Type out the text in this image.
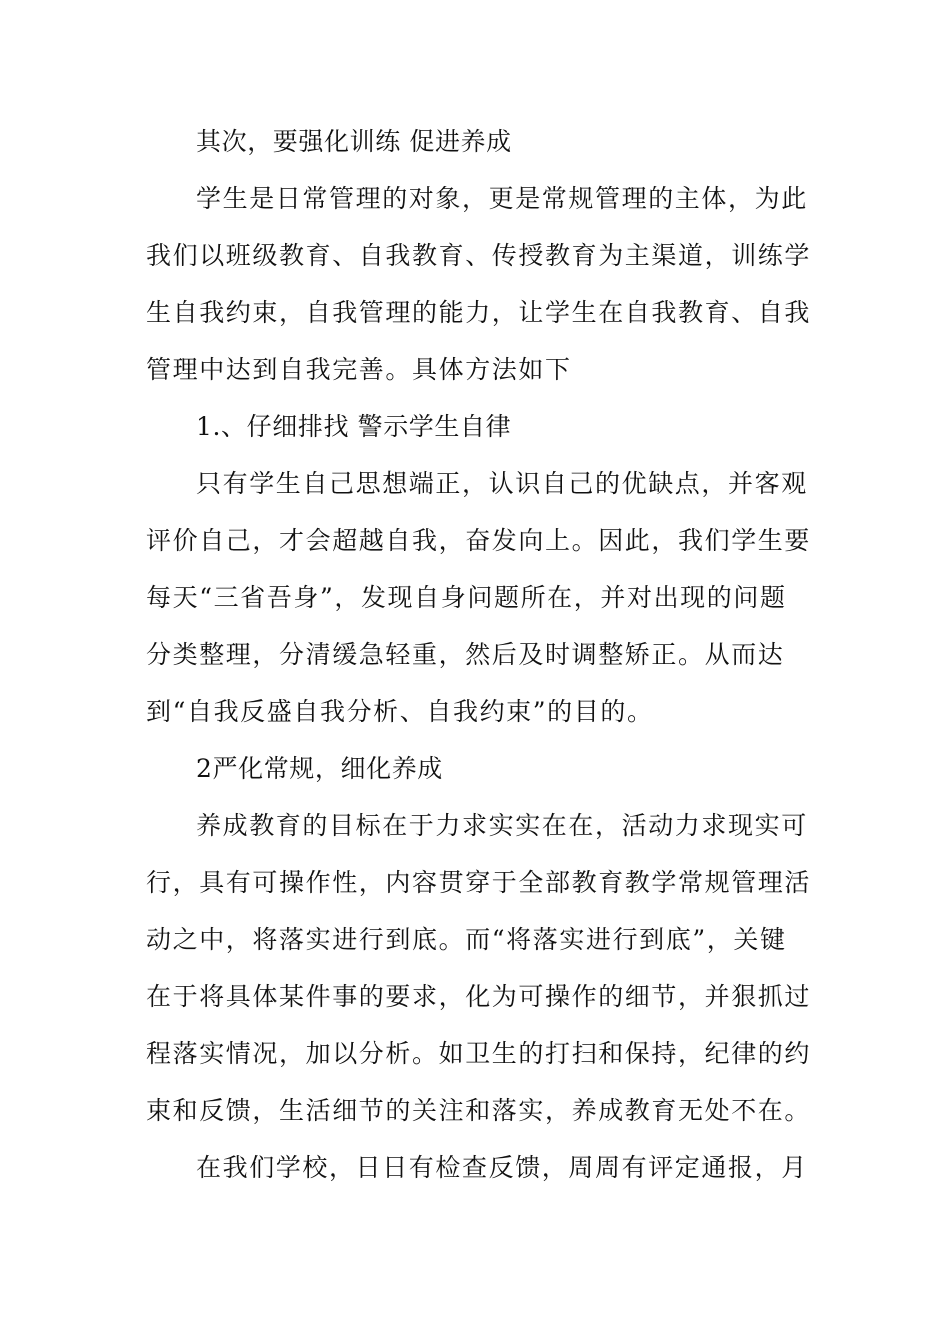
其次，要强化训练 促进养成
学生是日常管理的对象，更是常规管理的主体，为此
我们以班级教育、自我教育、传授教育为主渠道，训练学
生自我约束，自我管理的能力，让学生在自我教育、自我
管理中达到自我完善。具体方法如下
1.、仔细排找 警示学生自律
只有学生自己思想端正，认识自己的优缺点，并客观
评价自己，才会超越自我，奋发向上。因此，我们学生要
每天“三省吾身”，发现自身问题所在，并对出现的问题
分类整理，分清缓急轻重，然后及时调整矫正。从而达
到“自我反盛自我分析、自我约束”的目的。
2严化常规，细化养成
养成教育的目标在于力求实实在在，活动力求现实可
行，具有可操作性，内容贯穿于全部教育教学常规管理活
动之中，将落实进行到底。而“将落实进行到底”，关键
在于将具体某件事的要求，化为可操作的细节，并狠抓过
程落实情况，加以分析。如卫生的打扫和保持，纪律的约
束和反馈，生活细节的关注和落实，养成教育无处不在。
在我们学校，日日有检查反馈，周周有评定通报，月
